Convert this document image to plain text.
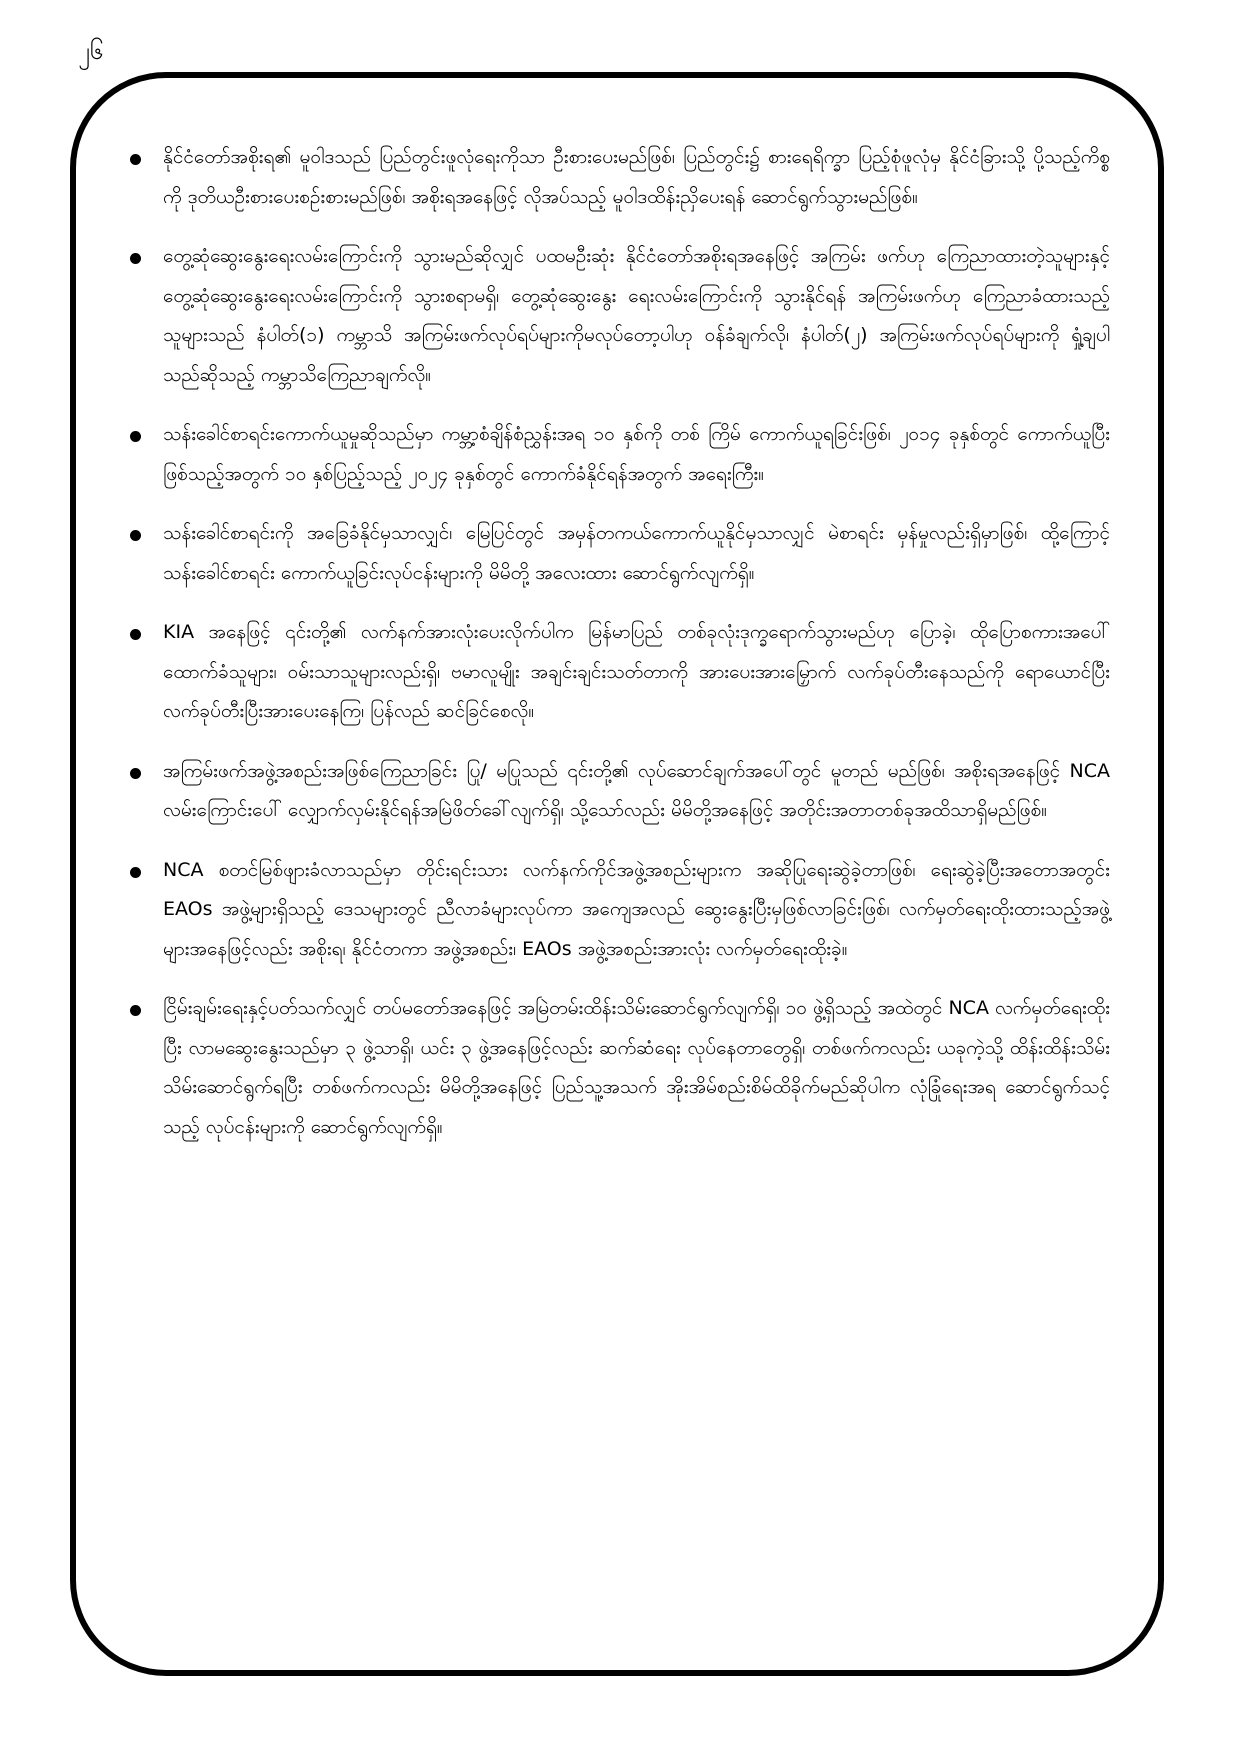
၂၆
နိုင်ငံတော်အစိုးရ၏ မူဝါဒသည် ပြည်တွင်းဖူလုံရေးကိုသာ ဦးစားပေးမည်ဖြစ်၊ ပြည်တွင်း၌ စားရေရိက္ခာ ပြည့်စုံဖူလုံမှ နိုင်ငံခြားသို့ ပို့သည့်ကိစ္စကို ဒုတိယဦးစားပေးစဉ်းစားမည်ဖြစ်၊ အစိုးရအနေဖြင့် လိုအပ်သည့် မူဝါဒထိန်းညှိပေးရန် ဆောင်ရွက်သွားမည်ဖြစ်။
တွေ့ဆုံဆွေးနွေးရေးလမ်းကြောင်းကို သွားမည်ဆိုလျှင် ပထမဦးဆုံး နိုင်ငံတော်အစိုးရအနေဖြင့် အကြမ်း ဖက်ဟု ကြေညာထားတဲ့သူများနှင့် တွေ့ဆုံဆွေးနွေးရေးလမ်းကြောင်းကို သွားစရာမရှိ၊ တွေ့ဆုံဆွေးနွေး ရေးလမ်းကြောင်းကို သွားနိုင်ရန် အကြမ်းဖက်ဟု ကြေညာခံထားသည့်သူများသည် နံပါတ်(၁) ကမ္ဘာသိ အကြမ်းဖက်လုပ်ရပ်များကိုမလုပ်တော့ပါဟု ဝန်ခံချက်လို၊ နံပါတ်(၂) အကြမ်းဖက်လုပ်ရပ်များကို ရှုံ့ချပါ သည်ဆိုသည့် ကမ္ဘာသိကြေညာချက်လို။
သန်းခေါင်စာရင်းကောက်ယူမှုဆိုသည်မှာ ကမ္ဘာ့စံချိန်စံညွှန်းအရ ၁၀ နှစ်ကို တစ် ကြိမ် ကောက်ယူရခြင်းဖြစ်၊ ၂၀၁၄ ခုနှစ်တွင် ကောက်ယူပြီးဖြစ်သည့်အတွက် ၁၀ နှစ်ပြည့်သည့် ၂၀၂၄ ခုနှစ်တွင် ကောက်ခံနိုင်ရန်အတွက် အရေးကြီး။
သန်းခေါင်စာရင်းကို အခြေခံနိုင်မှသာလျှင်၊ မြေပြင်တွင် အမှန်တကယ်ကောက်ယူနိုင်မှသာလျှင် မဲစာရင်း မှန်မှုလည်းရှိမှာဖြစ်၊ ထို့ကြောင့် သန်းခေါင်စာရင်း ကောက်ယူခြင်းလုပ်ငန်းများကို မိမိတို့ အလေးထား ဆောင်ရွက်လျက်ရှိ။
KIA အနေဖြင့် ၎င်းတို့၏ လက်နက်အားလုံးပေးလိုက်ပါက မြန်မာပြည် တစ်ခုလုံးဒုက္ခရောက်သွားမည်ဟု ပြောခဲ့၊ ထိုပြောစကားအပေါ် ထောက်ခံသူများ၊ ဝမ်းသာသူများလည်းရှိ၊ ဗမာလူမျိုး အချင်းချင်းသတ်တာကို အားပေးအားမြှောက် လက်ခုပ်တီးနေသည်ကို ရောယောင်ပြီး လက်ခုပ်တီးပြီးအားပေးနေကြ၊ ပြန်လည် ဆင်ခြင်စေလို။
အကြမ်းဖက်အဖွဲ့အစည်းအဖြစ်ကြေညာခြင်း ပြု/ မပြုသည် ၎င်းတို့၏ လုပ်ဆောင်ချက်အပေါ်တွင် မူတည် မည်ဖြစ်၊ အစိုးရအနေဖြင့် NCA လမ်းကြောင်းပေါ် လျှောက်လှမ်းနိုင်ရန်အမြဲဖိတ်ခေါ်လျက်ရှိ၊ သို့သော်လည်း မိမိတို့အနေဖြင့် အတိုင်းအတာတစ်ခုအထိသာရှိမည်ဖြစ်။
NCA စတင်မြစ်ဖျားခံလာသည်မှာ တိုင်းရင်းသား လက်နက်ကိုင်အဖွဲ့အစည်းများက အဆိုပြုရေးဆွဲခဲ့တာဖြစ်၊ ရေးဆွဲခဲ့ပြီးအတောအတွင်း EAOs အဖွဲ့များရှိသည့် ဒေသများတွင် ညီလာခံများလုပ်ကာ အကျေအလည် ဆွေးနွေးပြီးမှဖြစ်လာခြင်းဖြစ်၊ လက်မှတ်ရေးထိုးထားသည့်အဖွဲ့များအနေဖြင့်လည်း အစိုးရ၊ နိုင်ငံတကာ အဖွဲ့အစည်း၊ EAOs အဖွဲ့အစည်းအားလုံး လက်မှတ်ရေးထိုးခဲ့။
ငြိမ်းချမ်းရေးနှင့်ပတ်သက်လျှင် တပ်မတော်အနေဖြင့် အမြဲတမ်းထိန်းသိမ်းဆောင်ရွက်လျက်ရှိ၊ ၁၀ ဖွဲ့ရှိသည့် အထဲတွင် NCA လက်မှတ်ရေးထိုးပြီး လာမဆွေးနွေးသည်မှာ ၃ ဖွဲ့သာရှိ၊ ယင်း ၃ ဖွဲ့အနေဖြင့်လည်း ဆက်ဆံရေး လုပ်နေတာတွေရှိ၊ တစ်ဖက်ကလည်း ယခုကဲ့သို့ ထိန်းထိန်းသိမ်းသိမ်းဆောင်ရွက်ရပြီး တစ်ဖက်ကလည်း မိမိတို့အနေဖြင့် ပြည်သူ့အသက် အိုးအိမ်စည်းစိမ်ထိခိုက်မည်ဆိုပါက လုံခြုံရေးအရ ဆောင်ရွက်သင့်သည့် လုပ်ငန်းများကို ဆောင်ရွက်လျက်ရှိ။
